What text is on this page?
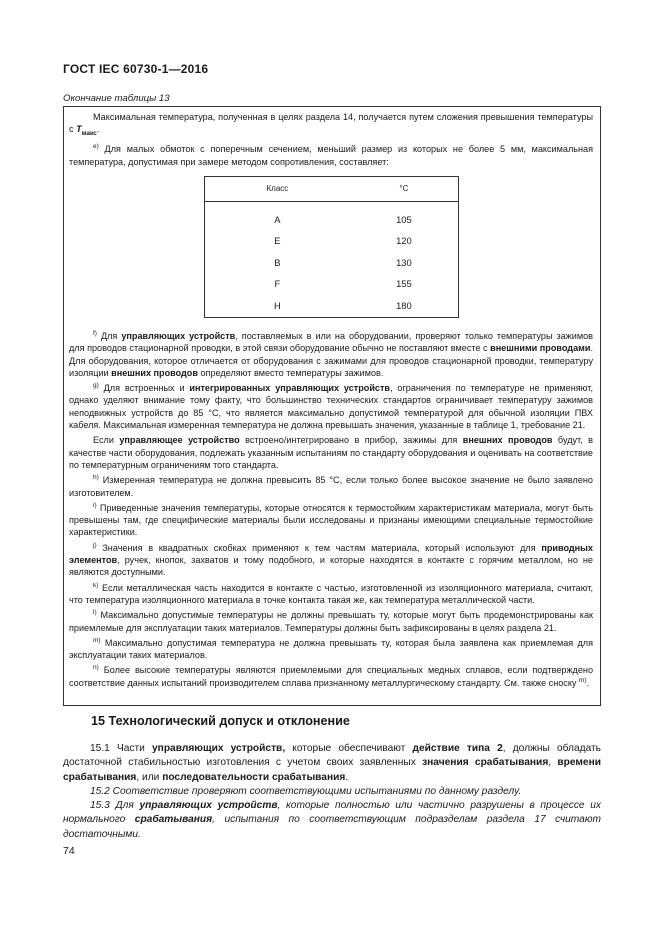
ГОСТ IEC 60730-1—2016
Окончание таблицы 13

Максимальная температура, полученная в целях раздела 14, получается путем сложения превышения температуры с $T_{макс}$.

$^{e)}$ Для малых обмоток с поперечным сечением, меньший размер из которых не более 5 мм, максимальная температура, допустимая при замере методом сопротивления, составляет:

Класс	°C

A	105
E	120
B	130
F	155
H	180

$^{f)}$ Для управляющих устройств, поставляемых в или на оборудовании, проверяют только температуры зажимов для проводов стационарной проводки, в этой связи оборудование обычно не поставляют вместе с внешними проводами. Для оборудования, которое отличается от оборудования с зажимами для проводов стационарной проводки, температуру изоляции внешних проводов определяют вместо температуры зажимов.

$^{g)}$ Для встроенных и интегрированных управляющих устройств, ограничения по температуре не применяют, однако уделяют внимание тому факту, что большинство технических стандартов ограничивает температуру зажимов неподвижных устройств до 85 °C, что является максимально допустимой температурой для обычной изоляции ПВХ кабеля. Максимальная измеренная температура не должна превышать значения, указанные в таблице 1, требование 21.

Если управляющее устройство встроено/интегрировано в прибор, зажимы для внешних проводов будут, в качестве части оборудования, подлежать указанным испытаниям по стандарту оборудования и оценивать на соответствие по температурным ограничениям того стандарта.

$^{h)}$ Измеренная температура не должна превысить 85 °C, если только более высокое значение не было заявлено изготовителем.

$^{i)}$ Приведенные значения температуры, которые относятся к термостойким характеристикам материала, могут быть превышены там, где специфические материалы были исследованы и признаны имеющими специальные термостойкие характеристики.

$^{j)}$ Значения в квадратных скобках применяют к тем частям материала, который используют для приводных элементов, ручек, кнопок, захватов и тому подобного, и которые находятся в контакте с горячим металлом, но не являются доступными.

$^{k)}$ Если металлическая часть находится в контакте с частью, изготовленной из изоляционного материала, считают, что температура изоляционного материала в точке контакта такая же, как температура металлической части.

$^{l)}$ Максимально допустимые температуры не должны превышать ту, которые могут быть продемонстрированы как приемлемые для эксплуатации таких материалов. Температуры должны быть зафиксированы в целях раздела 21.

$^{m)}$ Максимально допустимая температура не должна превышать ту, которая была заявлена как приемлемая для эксплуатации таких материалов.

$^{n)}$ Более высокие температуры являются приемлемыми для специальных медных сплавов, если подтверждено соответствие данных испытаний производителем сплава признанному металлургическому стандарту. См. также сноску $^{m)}$.

15 Технологический допуск и отклонение

15.1 Части управляющих устройств, которые обеспечивают действие типа 2, должны обладать достаточной стабильностью изготовления с учетом своих заявленных значения срабатывания, времени срабатывания, или последовательности срабатывания.

15.2 Соответствие проверяют соответствующими испытаниями по данному разделу.

15.3 Для управляющих устройств, которые полностью или частично разрушены в процессе их нормального срабатывания, испытания по соответствующим подразделам раздела 17 считают достаточными.

74
